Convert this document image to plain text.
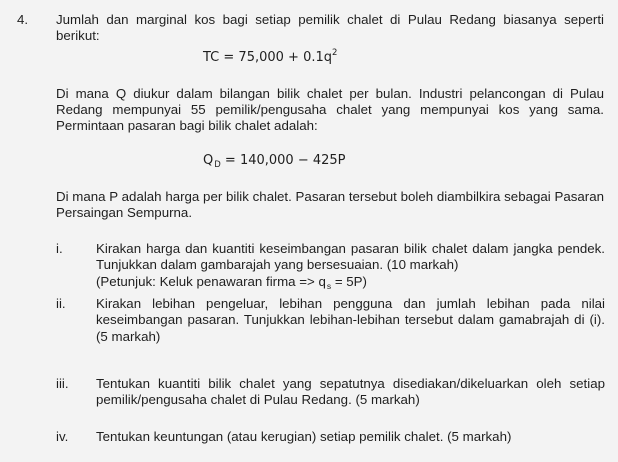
4. Jumlah dan marginal kos bagi setiap pemilik chalet di Pulau Redang biasanya seperti berikut:
TC = $75,000 + 0.1q^2$
Di mana Q diukur dalam bilangan bilik chalet per bulan. Industri pelancongan di Pulau Redang mempunyai 55 pemilik/pengusaha chalet yang mempunyai kos yang sama. Permintaan pasaran bagi bilik chalet adalah:
$Q_D = 140,000 - 425P$
Di mana P adalah harga per bilik chalet. Pasaran tersebut boleh diambilkira sebagai Pasaran Persaingan Sempurna.
i.	Kirakan harga dan kuantiti keseimbangan pasaran bilik chalet dalam jangka pendek. Tunjukkan dalam gambarajah yang bersesuaian. (10 markah)
(Petunjuk: Keluk penawaran firma => $q_s = 5P$)
ii. Kirakan lebihan pengeluar, lebihan pengguna dan jumlah lebihan pada nilai keseimbangan pasaran. Tunjukkan lebihan-lebihan tersebut dalam gamabrajah di (i). (5 markah)
iii. Tentukan kuantiti bilik chalet yang sepatutnya disediakan/dikeluarkan oleh setiap pemilik/pengusaha chalet di Pulau Redang. (5 markah)
iv. Tentukan keuntungan (atau kerugian) setiap pemilik chalet. (5 markah)
